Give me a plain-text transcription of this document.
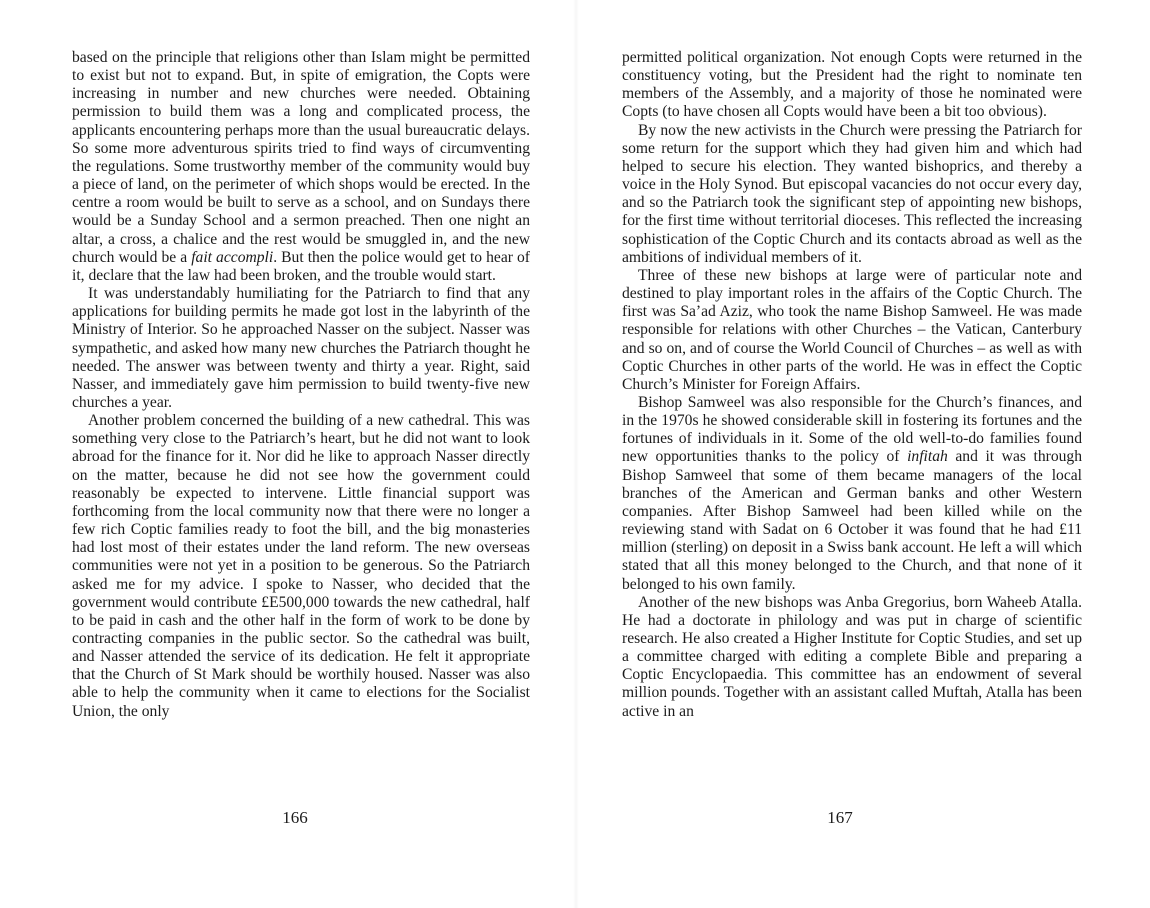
based on the principle that religions other than Islam might be permitted to exist but not to expand. But, in spite of emigration, the Copts were increasing in number and new churches were needed. Obtaining permission to build them was a long and complicated process, the applicants encountering perhaps more than the usual bureaucratic delays. So some more adventurous spirits tried to find ways of circumventing the regulations. Some trustworthy member of the community would buy a piece of land, on the perimeter of which shops would be erected. In the centre a room would be built to serve as a school, and on Sundays there would be a Sunday School and a sermon preached. Then one night an altar, a cross, a chalice and the rest would be smuggled in, and the new church would be a fait accompli. But then the police would get to hear of it, declare that the law had been broken, and the trouble would start.

It was understandably humiliating for the Patriarch to find that any applications for building permits he made got lost in the labyrinth of the Ministry of Interior. So he approached Nasser on the subject. Nasser was sympathetic, and asked how many new churches the Patriarch thought he needed. The answer was between twenty and thirty a year. Right, said Nasser, and immediately gave him permission to build twenty-five new churches a year.

Another problem concerned the building of a new cathedral. This was something very close to the Patriarch’s heart, but he did not want to look abroad for the finance for it. Nor did he like to approach Nasser directly on the matter, because he did not see how the government could reasonably be expected to intervene. Little financial support was forthcoming from the local community now that there were no longer a few rich Coptic families ready to foot the bill, and the big monasteries had lost most of their estates under the land reform. The new overseas communities were not yet in a position to be generous. So the Patriarch asked me for my advice. I spoke to Nasser, who decided that the government would contribute £E500,000 towards the new cathedral, half to be paid in cash and the other half in the form of work to be done by contracting companies in the public sector. So the cathedral was built, and Nasser attended the service of its dedication. He felt it appropriate that the Church of St Mark should be worthily housed. Nasser was also able to help the community when it came to elections for the Socialist Union, the only

166

permitted political organization. Not enough Copts were returned in the constituency voting, but the President had the right to nominate ten members of the Assembly, and a majority of those he nominated were Copts (to have chosen all Copts would have been a bit too obvious).

By now the new activists in the Church were pressing the Patriarch for some return for the support which they had given him and which had helped to secure his election. They wanted bishoprics, and thereby a voice in the Holy Synod. But episcopal vacancies do not occur every day, and so the Patriarch took the significant step of appointing new bishops, for the first time without territorial dioceses. This reflected the increasing sophistication of the Coptic Church and its contacts abroad as well as the ambitions of individual members of it.

Three of these new bishops at large were of particular note and destined to play important roles in the affairs of the Coptic Church. The first was Sa’ad Aziz, who took the name Bishop Samweel. He was made responsible for relations with other Churches – the Vatican, Canterbury and so on, and of course the World Council of Churches – as well as with Coptic Churches in other parts of the world. He was in effect the Coptic Church’s Minister for Foreign Affairs.

Bishop Samweel was also responsible for the Church’s finances, and in the 1970s he showed considerable skill in fostering its fortunes and the fortunes of individuals in it. Some of the old well-to-do families found new opportunities thanks to the policy of infitah and it was through Bishop Samweel that some of them became managers of the local branches of the American and German banks and other Western companies. After Bishop Samweel had been killed while on the reviewing stand with Sadat on 6 October it was found that he had £11 million (sterling) on deposit in a Swiss bank account. He left a will which stated that all this money belonged to the Church, and that none of it belonged to his own family.

Another of the new bishops was Anba Gregorius, born Waheeb Atalla. He had a doctorate in philology and was put in charge of scientific research. He also created a Higher Institute for Coptic Studies, and set up a committee charged with editing a complete Bible and preparing a Coptic Encyclopaedia. This committee has an endowment of several million pounds. Together with an assistant called Muftah, Atalla has been active in an

167
